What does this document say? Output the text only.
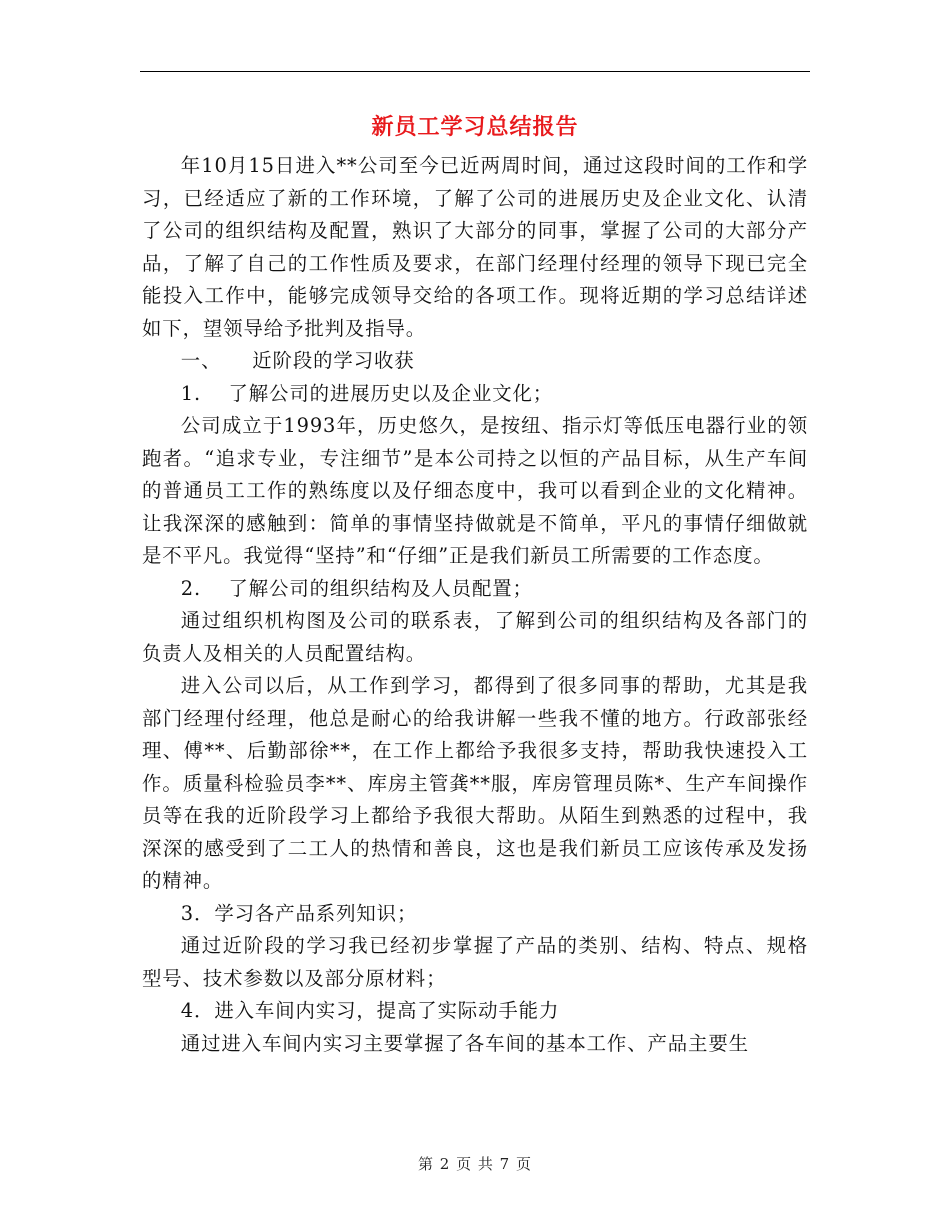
新员工学习总结报告

年10月15日进入**公司至今已近两周时间，通过这段时间的工作和学习，已经适应了新的工作环境，了解了公司的进展历史及企业文化、认清了公司的组织结构及配置，熟识了大部分的同事，掌握了公司的大部分产品，了解了自己的工作性质及要求，在部门经理付经理的领导下现已完全能投入工作中，能够完成领导交给的各项工作。现将近期的学习总结详述如下，望领导给予批判及指导。

一、　　近阶段的学习收获

1.　 了解公司的进展历史以及企业文化；

公司成立于1993年，历史悠久，是按纽、指示灯等低压电器行业的领跑者。“追求专业，专注细节”是本公司持之以恒的产品目标，从生产车间的普通员工工作的熟练度以及仔细态度中，我可以看到企业的文化精神。让我深深的感触到：简单的事情坚持做就是不简单，平凡的事情仔细做就是不平凡。我觉得“坚持”和“仔细”正是我们新员工所需要的工作态度。

2.　 了解公司的组织结构及人员配置；

通过组织机构图及公司的联系表，了解到公司的组织结构及各部门的负责人及相关的人员配置结构。

进入公司以后，从工作到学习，都得到了很多同事的帮助，尤其是我部门经理付经理，他总是耐心的给我讲解一些我不懂的地方。行政部张经理、傅**、后勤部徐**，在工作上都给予我很多支持，帮助我快速投入工作。质量科检验员李**、库房主管龚**服，库房管理员陈*、生产车间操作员等在我的近阶段学习上都给予我很大帮助。从陌生到熟悉的过程中，我深深的感受到了二工人的热情和善良，这也是我们新员工应该传承及发扬的精神。

3．学习各产品系列知识；

通过近阶段的学习我已经初步掌握了产品的类别、结构、特点、规格型号、技术参数以及部分原材料；

4．进入车间内实习，提高了实际动手能力

通过进入车间内实习主要掌握了各车间的基本工作、产品主要生

第 2 页 共 7 页
